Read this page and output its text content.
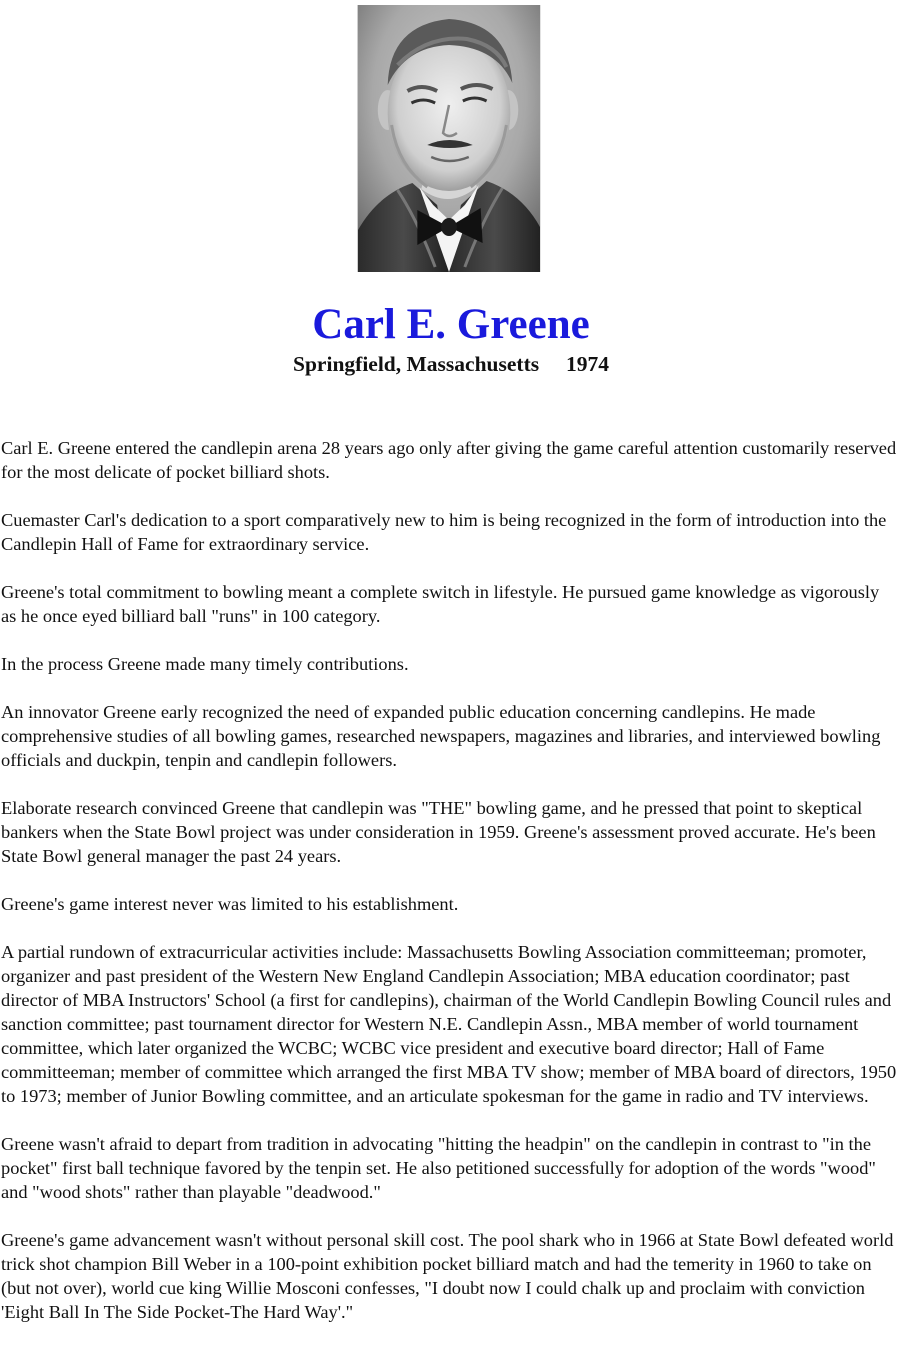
Carl E. Greene
Springfield, Massachusetts     1974

Carl E. Greene entered the candlepin arena 28 years ago only after giving the game careful attention customarily reserved for the most delicate of pocket billiard shots.

Cuemaster Carl's dedication to a sport comparatively new to him is being recognized in the form of introduction into the Candlepin Hall of Fame for extraordinary service.

Greene's total commitment to bowling meant a complete switch in lifestyle. He pursued game knowledge as vigorously as he once eyed billiard ball "runs" in 100 category.

In the process Greene made many timely contributions.

An innovator Greene early recognized the need of expanded public education concerning candlepins. He made comprehensive studies of all bowling games, researched newspapers, magazines and libraries, and interviewed bowling officials and duckpin, tenpin and candlepin followers.

Elaborate research convinced Greene that candlepin was "THE" bowling game, and he pressed that point to skeptical bankers when the State Bowl project was under consideration in 1959. Greene's assessment proved accurate. He's been State Bowl general manager the past 24 years.

Greene's game interest never was limited to his establishment.

A partial rundown of extracurricular activities include: Massachusetts Bowling Association committeeman; promoter, organizer and past president of the Western New England Candlepin Association; MBA education coordinator; past director of MBA Instructors' School (a first for candlepins), chairman of the World Candlepin Bowling Council rules and sanction committee; past tournament director for Western N.E. Candlepin Assn., MBA member of world tournament committee, which later organized the WCBC; WCBC vice president and executive board director; Hall of Fame committeeman; member of committee which arranged the first MBA TV show; member of MBA board of directors, 1950 to 1973; member of Junior Bowling committee, and an articulate spokesman for the game in radio and TV interviews.

Greene wasn't afraid to depart from tradition in advocating "hitting the headpin" on the candlepin in contrast to "in the pocket" first ball technique favored by the tenpin set. He also petitioned successfully for adoption of the words "wood" and "wood shots" rather than playable "deadwood."

Greene's game advancement wasn't without personal skill cost. The pool shark who in 1966 at State Bowl defeated world trick shot champion Bill Weber in a 100-point exhibition pocket billiard match and had the temerity in 1960 to take on (but not over), world cue king Willie Mosconi confesses, "I doubt now I could chalk up and proclaim with conviction 'Eight Ball In The Side Pocket-The Hard Way'."
